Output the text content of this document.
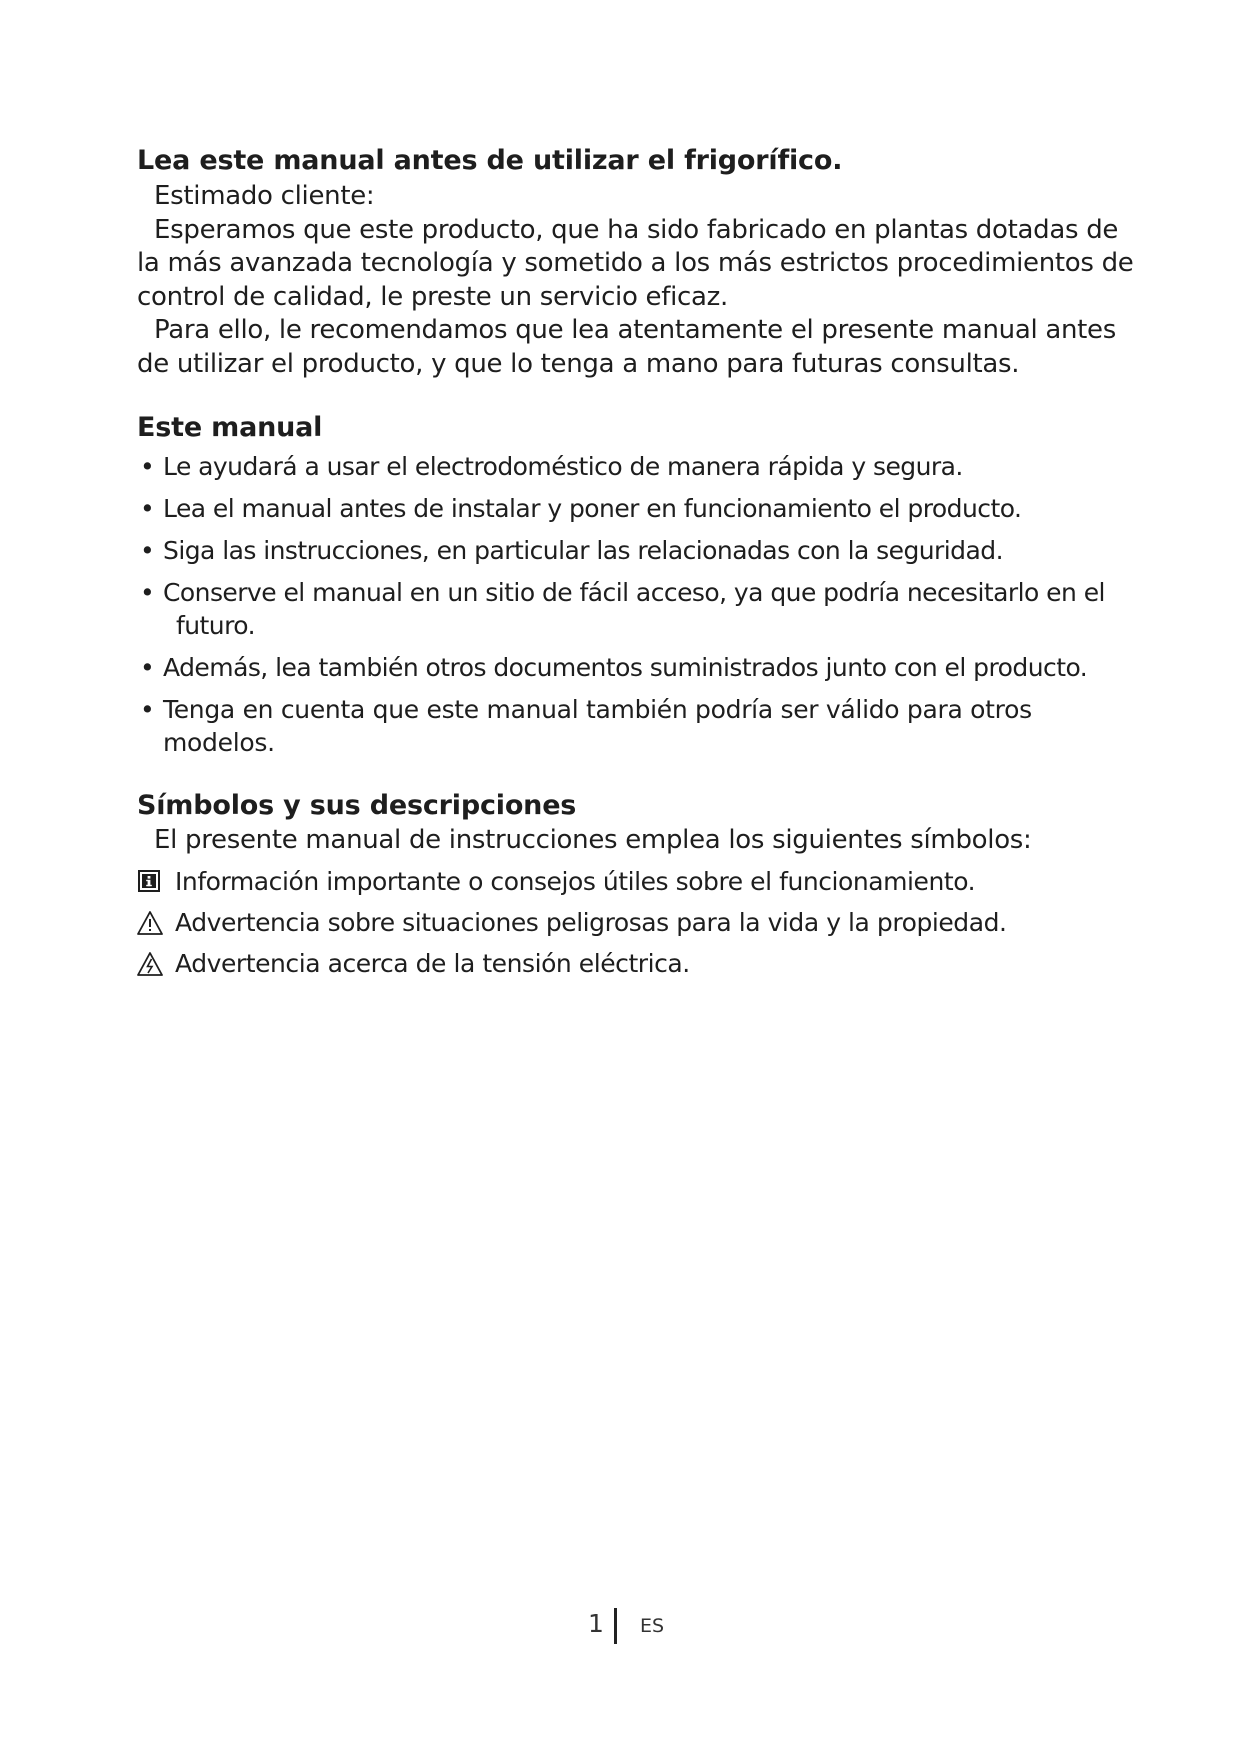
Lea este manual antes de utilizar el frigorífico.

Estimado cliente:

Esperamos que este producto, que ha sido fabricado en plantas dotadas de la más avanzada tecnología y sometido a los más estrictos procedimientos de control de calidad, le preste un servicio eficaz.

Para ello, le recomendamos que lea atentamente el presente manual antes de utilizar el producto, y que lo tenga a mano para futuras consultas.

Este manual
• Le ayudará a usar el electrodoméstico de manera rápida y segura.
• Lea el manual antes de instalar y poner en funcionamiento el producto.
• Siga las instrucciones, en particular las relacionadas con la seguridad.
• Conserve el manual en un sitio de fácil acceso, ya que podría necesitarlo en el
futuro.
• Además, lea también otros documentos suministrados junto con el producto.
• Tenga en cuenta que este manual también podría ser válido para otros modelos.
Símbolos y sus descripciones

El presente manual de instrucciones emplea los siguientes símbolos:

Información importante o consejos útiles sobre el funcionamiento.
Advertencia sobre situaciones peligrosas para la vida y la propiedad.
Advertencia acerca de la tensión eléctrica.
1 ES
